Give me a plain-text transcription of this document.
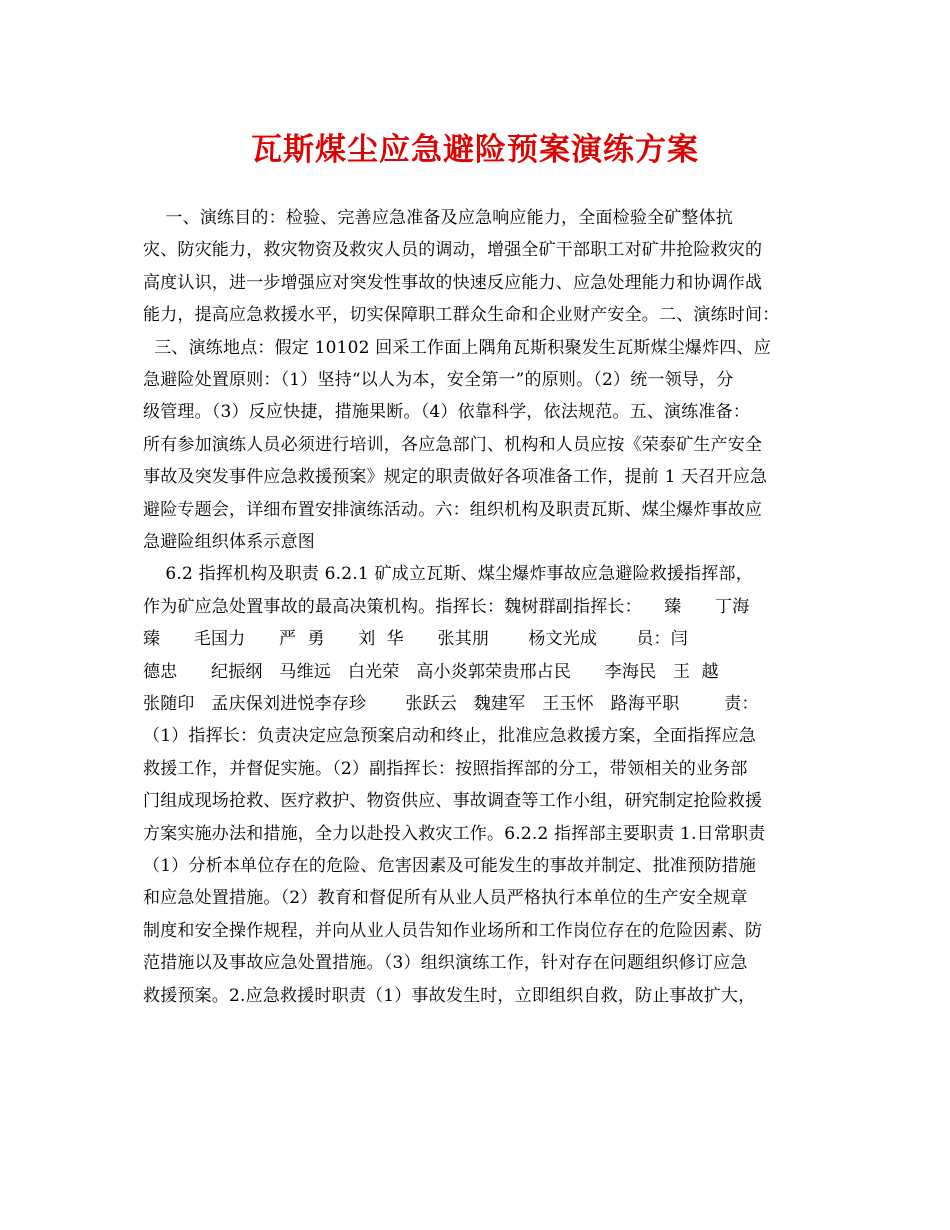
瓦斯煤尘应急避险预案演练方案
一、演练目的：检验、完善应急准备及应急响应能力，全面检验全矿整体抗
灾、防灾能力，救灾物资及救灾人员的调动，增强全矿干部职工对矿井抢险救灾的
高度认识，进一步增强应对突发性事故的快速反应能力、应急处理能力和协调作战
能力，提高应急救援水平，切实保障职工群众生命和企业财产安全。二、演练时间：
三、演练地点：假定 10102 回采工作面上隅角瓦斯积聚发生瓦斯煤尘爆炸四、应
急避险处置原则：（1）坚持“以人为本，安全第一”的原则。（2）统一领导，分
级管理。（3）反应快捷，措施果断。（4）依靠科学，依法规范。五、演练准备：
所有参加演练人员必须进行培训，各应急部门、机构和人员应按《荣泰矿生产安全
事故及突发事件应急救援预案》规定的职责做好各项准备工作，提前 1 天召开应急
避险专题会，详细布置安排演练活动。六：组织机构及职责瓦斯、煤尘爆炸事故应
急避险组织体系示意图
6.2 指挥机构及职责 6.2.1 矿成立瓦斯、煤尘爆炸事故应急避险救援指挥部，
作为矿应急处置事故的最高决策机构。指挥长：魏树群副指挥长：    臻      丁海
臻      毛国力      严  勇      刘  华      张其朋       杨文光成       员：闫
德忠      纪振纲   马维远   白光荣   高小炎郭荣贵邢占民      李海民   王  越
张随印   孟庆保刘进悦李存珍       张跃云   魏建军   王玉怀   路海平职        责：
（1）指挥长：负责决定应急预案启动和终止，批准应急救援方案，全面指挥应急
救援工作，并督促实施。（2）副指挥长：按照指挥部的分工，带领相关的业务部
门组成现场抢救、医疗救护、物资供应、事故调查等工作小组，研究制定抢险救援
方案实施办法和措施，全力以赴投入救灾工作。6.2.2 指挥部主要职责 1.日常职责
（1）分析本单位存在的危险、危害因素及可能发生的事故并制定、批准预防措施
和应急处置措施。（2）教育和督促所有从业人员严格执行本单位的生产安全规章
制度和安全操作规程，并向从业人员告知作业场所和工作岗位存在的危险因素、防
范措施以及事故应急处置措施。（3）组织演练工作，针对存在问题组织修订应急
救援预案。2.应急救援时职责（1）事故发生时，立即组织自救，防止事故扩大，
